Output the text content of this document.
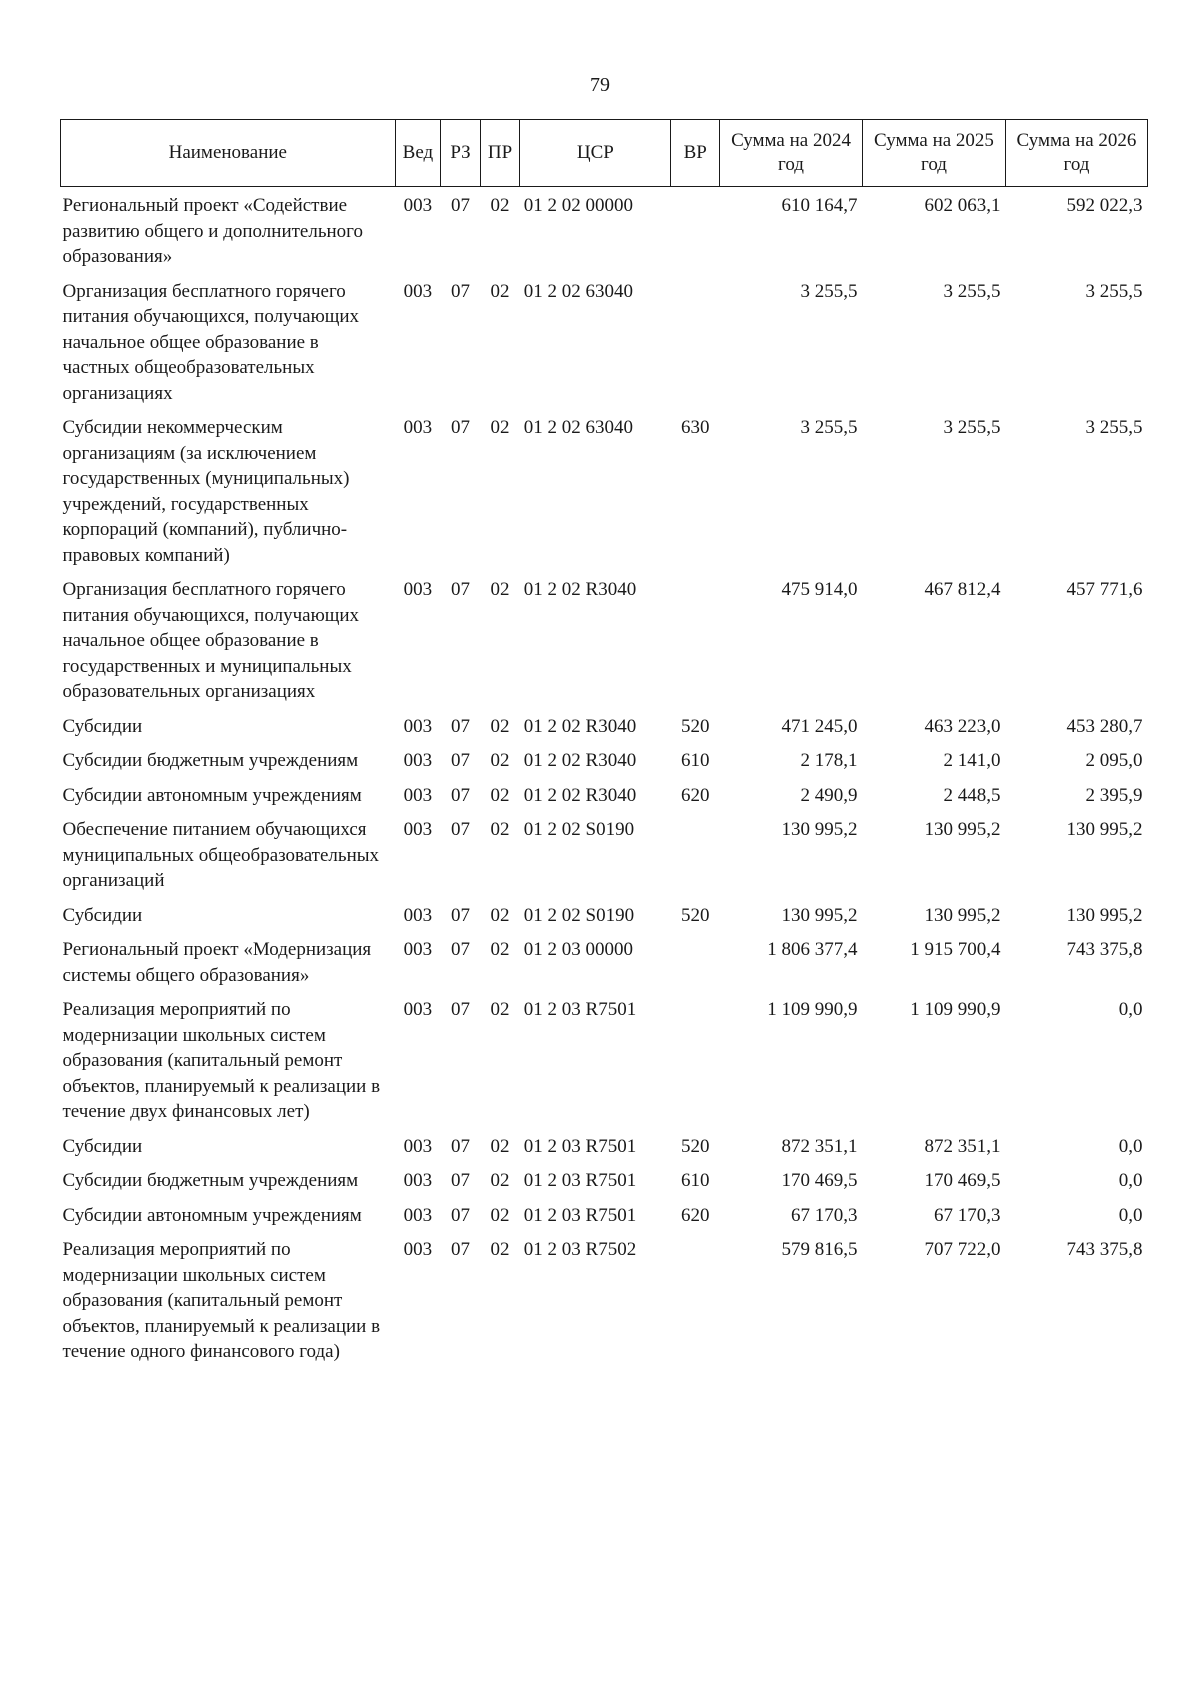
79
Наименование	Вед	РЗ	ПР	ЦСР	ВР	Сумма на 2024 год	Сумма на 2025 год	Сумма на 2026 год
Региональный проект «Содействие развитию общего и дополнительного образования»	003	07	02	01 2 02 00000		610 164,7	602 063,1	592 022,3
Организация бесплатного горячего питания обучающихся, получающих начальное общее образование в частных общеобразовательных организациях	003	07	02	01 2 02 63040		3 255,5	3 255,5	3 255,5
Субсидии некоммерческим организациям (за исключением государственных (муниципальных) учреждений, государственных корпораций (компаний), публично-правовых компаний)	003	07	02	01 2 02 63040	630	3 255,5	3 255,5	3 255,5
Организация бесплатного горячего питания обучающихся, получающих начальное общее образование в государственных и муниципальных образовательных организациях	003	07	02	01 2 02 R3040		475 914,0	467 812,4	457 771,6
Субсидии	003	07	02	01 2 02 R3040	520	471 245,0	463 223,0	453 280,7
Субсидии бюджетным учреждениям	003	07	02	01 2 02 R3040	610	2 178,1	2 141,0	2 095,0
Субсидии автономным учреждениям	003	07	02	01 2 02 R3040	620	2 490,9	2 448,5	2 395,9
Обеспечение питанием обучающихся муниципальных общеобразовательных организаций	003	07	02	01 2 02 S0190		130 995,2	130 995,2	130 995,2
Субсидии	003	07	02	01 2 02 S0190	520	130 995,2	130 995,2	130 995,2
Региональный проект «Модернизация системы общего образования»	003	07	02	01 2 03 00000		1 806 377,4	1 915 700,4	743 375,8
Реализация мероприятий по модернизации школьных систем образования (капитальный ремонт объектов, планируемый к реализации в течение двух финансовых лет)	003	07	02	01 2 03 R7501		1 109 990,9	1 109 990,9	0,0
Субсидии	003	07	02	01 2 03 R7501	520	872 351,1	872 351,1	0,0
Субсидии бюджетным учреждениям	003	07	02	01 2 03 R7501	610	170 469,5	170 469,5	0,0
Субсидии автономным учреждениям	003	07	02	01 2 03 R7501	620	67 170,3	67 170,3	0,0
Реализация мероприятий по модернизации школьных систем образования (капитальный ремонт объектов, планируемый к реализации в течение одного финансового года)	003	07	02	01 2 03 R7502		579 816,5	707 722,0	743 375,8
